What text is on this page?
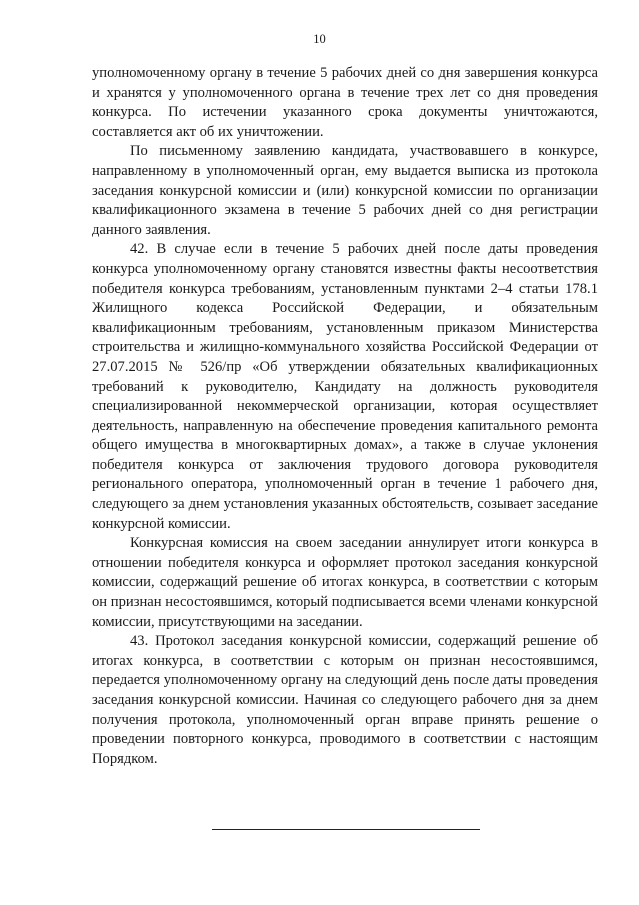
10

уполномоченному органу в течение 5 рабочих дней со дня завершения конкурса и хранятся у уполномоченного органа в течение трех лет со дня проведения конкурса. По истечении указанного срока документы уничтожаются, составляется акт об их уничтожении.

По письменному заявлению кандидата, участвовавшего в конкурсе, направленному в уполномоченный орган, ему выдается выписка из протокола заседания конкурсной комиссии и (или) конкурсной комиссии по организации квалификационного экзамена в течение 5 рабочих дней со дня регистрации данного заявления.

42. В случае если в течение 5 рабочих дней после даты проведения конкурса уполномоченному органу становятся известны факты несоответствия победителя конкурса требованиям, установленным пунктами 2–4 статьи 178.1 Жилищного кодекса Российской Федерации, и обязательным квалификационным требованиям, установленным приказом Министерства строительства и жилищно-коммунального хозяйства Российской Федерации от 27.07.2015 № 526/пр «Об утверждении обязательных квалификационных требований к руководителю, Кандидату на должность руководителя специализированной некоммерческой организации, которая осуществляет деятельность, направленную на обеспечение проведения капитального ремонта общего имущества в многоквартирных домах», а также в случае уклонения победителя конкурса от заключения трудового договора руководителя регионального оператора, уполномоченный орган в течение 1 рабочего дня, следующего за днем установления указанных обстоятельств, созывает заседание конкурсной комиссии.

Конкурсная комиссия на своем заседании аннулирует итоги конкурса в отношении победителя конкурса и оформляет протокол заседания конкурсной комиссии, содержащий решение об итогах конкурса, в соответствии с которым он признан несостоявшимся, который подписывается всеми членами конкурсной комиссии, присутствующими на заседании.

43. Протокол заседания конкурсной комиссии, содержащий решение об итогах конкурса, в соответствии с которым он признан несостоявшимся, передается уполномоченному органу на следующий день после даты проведения заседания конкурсной комиссии. Начиная со следующего рабочего дня за днем получения протокола, уполномоченный орган вправе принять решение о проведении повторного конкурса, проводимого в соответствии с настоящим Порядком.
